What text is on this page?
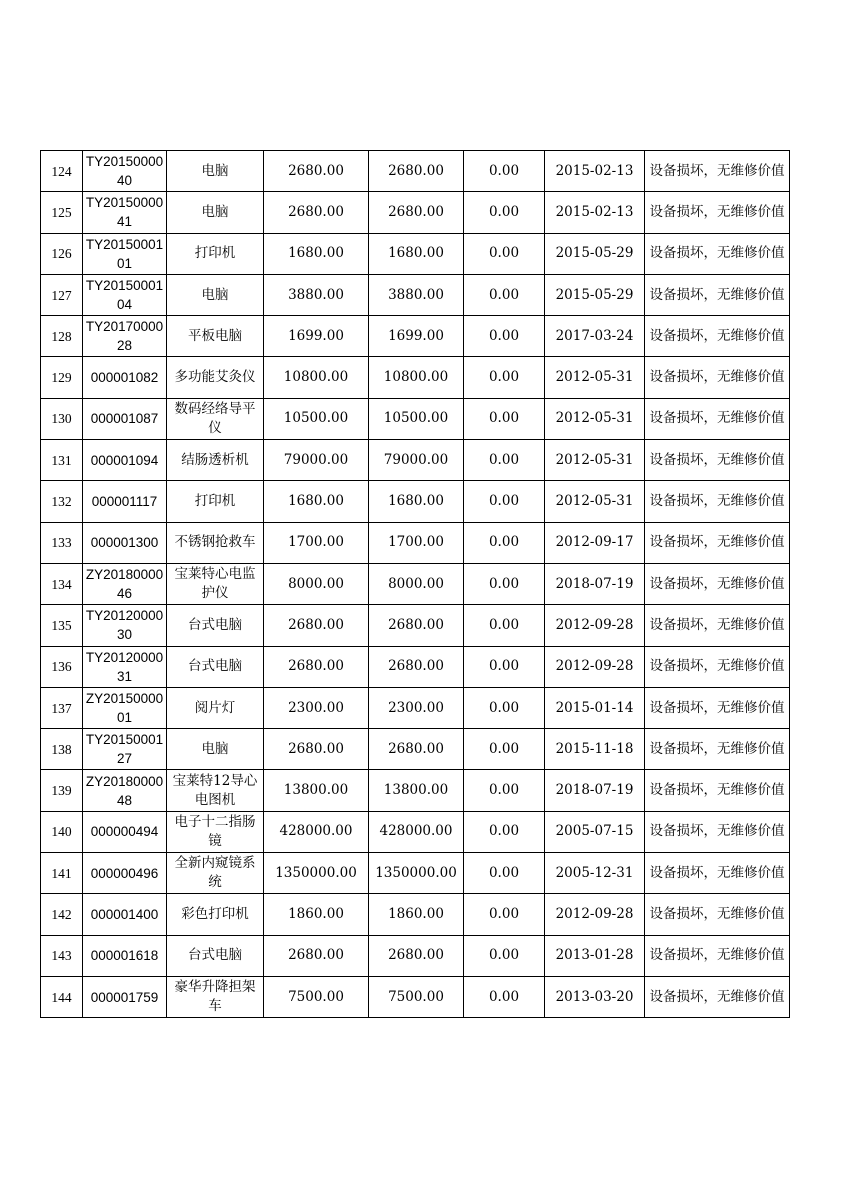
124	TY2015000040	电脑	2680.00	2680.00	0.00	2015-02-13	设备损坏，无维修价值
125	TY2015000041	电脑	2680.00	2680.00	0.00	2015-02-13	设备损坏，无维修价值
126	TY2015000101	打印机	1680.00	1680.00	0.00	2015-05-29	设备损坏，无维修价值
127	TY2015000104	电脑	3880.00	3880.00	0.00	2015-05-29	设备损坏，无维修价值
128	TY2017000028	平板电脑	1699.00	1699.00	0.00	2017-03-24	设备损坏，无维修价值
129	000001082	多功能艾灸仪	10800.00	10800.00	0.00	2012-05-31	设备损坏，无维修价值
130	000001087	数码经络导平仪	10500.00	10500.00	0.00	2012-05-31	设备损坏，无维修价值
131	000001094	结肠透析机	79000.00	79000.00	0.00	2012-05-31	设备损坏，无维修价值
132	000001117	打印机	1680.00	1680.00	0.00	2012-05-31	设备损坏，无维修价值
133	000001300	不锈钢抢救车	1700.00	1700.00	0.00	2012-09-17	设备损坏，无维修价值
134	ZY2018000046	宝莱特心电监护仪	8000.00	8000.00	0.00	2018-07-19	设备损坏，无维修价值
135	TY2012000030	台式电脑	2680.00	2680.00	0.00	2012-09-28	设备损坏，无维修价值
136	TY2012000031	台式电脑	2680.00	2680.00	0.00	2012-09-28	设备损坏，无维修价值
137	ZY2015000001	阅片灯	2300.00	2300.00	0.00	2015-01-14	设备损坏，无维修价值
138	TY2015000127	电脑	2680.00	2680.00	0.00	2015-11-18	设备损坏，无维修价值
139	ZY2018000048	宝莱特12导心电图机	13800.00	13800.00	0.00	2018-07-19	设备损坏，无维修价值
140	000000494	电子十二指肠镜	428000.00	428000.00	0.00	2005-07-15	设备损坏，无维修价值
141	000000496	全新内窥镜系统	1350000.00	1350000.00	0.00	2005-12-31	设备损坏，无维修价值
142	000001400	彩色打印机	1860.00	1860.00	0.00	2012-09-28	设备损坏，无维修价值
143	000001618	台式电脑	2680.00	2680.00	0.00	2013-01-28	设备损坏，无维修价值
144	000001759	豪华升降担架车	7500.00	7500.00	0.00	2013-03-20	设备损坏，无维修价值
